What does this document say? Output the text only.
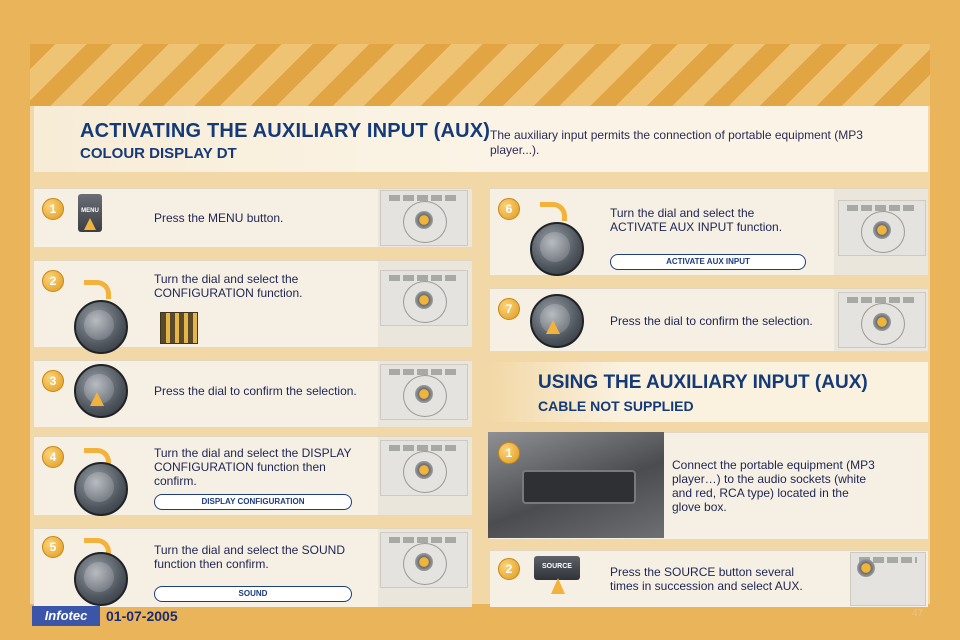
ACTIVATING THE AUXILIARY INPUT (AUX)
COLOUR DISPLAY DT
The auxiliary input permits the connection of portable equipment (MP3 player...).
1	MENU	Press the MENU button.
2	Turn the dial and select the CONFIGURATION function.
3
Press the dial to confirm the selection.
4	Turn the dial and select the DISPLAY CONFIGURATION function then confirm.
DISPLAY CONFIGURATION
5	Turn the dial and select the SOUND function then confirm.
SOUND
6	Turn the dial and select the ACTIVATE AUX INPUT function.
ACTIVATE AUX INPUT
7
Press the dial to confirm the selection.
USING THE AUXILIARY INPUT (AUX)
CABLE NOT SUPPLIED
1
Connect the portable equipment (MP3 player…) to the audio sockets (white and red, RCA type) located in the glove box.
2	SOURCE	Press the SOURCE button several times in succession and select AUX.
Infotec	01-07-2005	47
